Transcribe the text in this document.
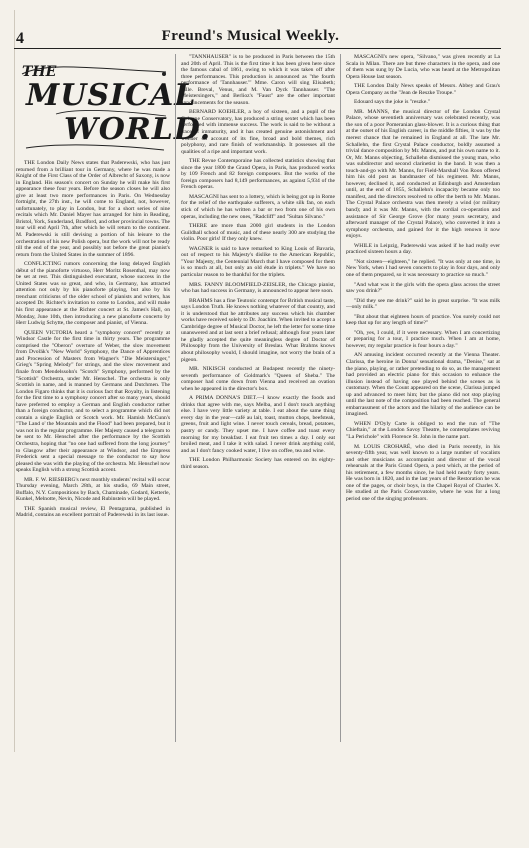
4	Freund's Musical Weekly.
THE
MUSICAL
WORLD.

THE London Daily News states that Paderewski, who has just returned from a brilliant tour in Germany, where he was made a Knight of the First Class of the Order of Albrecht of Saxony, is now in England. His season's concert on Sunday he will make his first appearance these four years. Before the season closes he will also give at least two more performances in Paris. On Wednesday fortnight, the 27th inst., he will come to England, not, however, unfortunately, to play in London, but for a short series of nine recitals which Mr. Daniel Mayer has arranged for him in Reading, Bristol, York, Sunderland, Bradford, and other provincial towns. The tour will end April 7th, after which he will return to the continent. M. Paderewski is still devising a portion of his leisure to the orchestration of his new Polish opera, but the work will not be ready till the end of the year, and possibly not before the great pianist's return from the United States in the summer of 1896.

CONFLICTING rumors concerning the long delayed English début of the pianoforte virtuoso, Herr Moritz Rosenthal, may now be set at rest. This distinguished executant, whose success in the United States was so great, and who, in Germany, has attracted attention not only by his pianoforte playing, but also by his trenchant criticisms of the older school of pianists and writers, has accepted Dr. Richter's invitation to come to London, and will make his first appearance at the Richter concert at St. James's Hall, on Monday, June 10th, then introducing a new pianoforte concerto by Herr Ludwig Schytte, the composer and pianist, of Vienna.

QUEEN VICTORIA heard a "symphony concert" recently at Windsor Castle for the first time in thirty years. The programme comprised the "Oberon" overture of Weber, the slow movement from Dvořák's "New World" Symphony, the Dance of Apprentices and Procession of Masters from Wagner's "Die Meistersinger," Grieg's "Spring Melody" for strings, and the slow movement and finale from Mendelssohn's "Scotch" Symphony, performed by the "Scottish" Orchestra, under Mr. Henschel. The orchestra is only Scottish in name, and is manned by Germans and Dutchmen. The London Figaro thinks that it is curious fact that Royalty, in listening for the first time to a symphony concert after so many years, should have preferred to employ a German and English conductor rather than a foreign conductor, and to select a programme which did not contain a single English or Scotch work. Mr. Hamish McCunn's "The Land o' the Mountain and the Flood" had been prepared, but it was not in the regular programme. Her Majesty caused a telegram to be sent to Mr. Henschel after the performance by the Scottish Orchestra, hoping that "no one had suffered from the long journey" to Glasgow after their appearance at Windsor, and the Empress Frederick sent a special message to the conductor to say how pleased she was with the playing of the orchestra. Mr. Henschel now speaks English with a strong Scottish accent.

MR. F. W. RIESBERG's next monthly students' recital will occur Thursday evening, March 28th, at his studio, 69 Main street, Buffalo, N.Y. Compositions by Bach, Chaminade, Godard, Ketterle, Kunkel, Melnotte, Nevin, Nicode and Rubinstein will be played.

THE Spanish musical review, El Pentagrama, published in Madrid, contains an excellent portrait of Paderewski in its last issue.

"TANNHAUSER" is to be produced in Paris between the 15th and 20th of April. This is the first time it has been given here since the famous cabal of 1861, owing to which it was taken off after three performances. This production is announced as "the fourth performance of 'Tannhauser.'" Mme. Caron will sing Elisabeth; Mlle. Breval, Venus, and M. Van Dyck Tannhauser. "The Meistersingers," and Berlioz's "Faust" are the other important announcements for the season.

BERNARD KOEHLER, a boy of sixteen, and a pupil of the Cologne Conservatory, has produced a string sextet which has been performed with immense success. The work is said to be without a trace of immaturity, and it has created genuine astonishment and wonder on account of its fine, broad and bold themes, rich polyphony, and rare finish of workmanship. It possesses all the qualities of a ripe and important work.

THE Revue Contemporaine has collected statistics showing that since the year 1800 the Grand Opera, in Paris, has produced works by 109 French and 82 foreign composers. But the works of the foreign composers had 8,149 performances, as against 5,934 of the French operas.

MASCAGNI has sent to a lottery, which is being got up in Rome for the relief of the earthquake sufferers, a white silk fan, on each stick of which he has written a bar or two from one of his own operas, including the new ones, "Radcliff" and "Sultan Silvano."

THERE are more than 2000 girl students in the London Guildhall school of music, and of these nearly 300 are studying the violin. Poor girls! If they only knew.

WAGNER is said to have remarked to King Louis of Bavaria, out of respect to his Majesty's dislike to the American Republic, "Your Majesty, the Centennial March that I have composed for them is so much at all, but only an old étude in triplets." We have no particular reason to be thankful for the triplets.

MRS. FANNY BLOOMFIELD-ZEISLER, the Chicago pianist, who has had success in Germany, is announced to appear here soon.

BRAHMS has a fine Teutonic contempt for British musical taste, says London Truth. He knows nothing whatever of that country, and it is understood that he attributes any success which his chamber works have received solely to Dr. Joachim. When invited to accept a Cambridge degree of Musical Doctor, he left the letter for some time unanswered and at last sent a brief refusal; although four years later he gladly accepted the quite meaningless degree of Doctor of Philosophy from the University of Breslau. What Brahms knows about philosophy would, I should imagine, not worry the brain of a pigeon.

MR. NIKISCH conducted at Budapest recently the ninety-seventh performance of Goldmark's "Queen of Sheba." The composer had come down from Vienna and received an ovation when he appeared in the director's box.

A PRIMA DONNA'S DIET.—I know exactly the foods and drinks that agree with me, says Melba, and I don't touch anything else. I have very little variety at table. I eat about the same thing every day in the year—café au lait, toast, mutton chops, beefsteak, greens, fruit and light wine. I never touch cereals, bread, potatoes, pastry or candy. They upset me. I have coffee and toast every morning for my breakfast. I eat fruit ten times a day. I only eat broiled meat, and I take it with salad. I never drink anything cold, and as I don't fancy cooked water, I live on coffee, tea and wine.

THE London Philharmonic Society has entered on its eighty-third season.

MASCAGNI's new opera, "Silvano," was given recently at La Scala in Milan. There are but three characters in the opera, and one of them was sung by De Lucia, who was heard at the Metropolitan Opera House last season.

THE London Daily News speaks of Messrs. Abbey and Grau's Opera Company as the "Jean de Reszke Troupe."

Edouard says the joke is "reszke."

MR. MANNS, the musical director of the London Crystal Palace, whose seventieth anniversary was celebrated recently, was the son of a poor Pomeranian glass-blower. It is a curious thing that at the outset of his English career, in the middle fifties, it was by the merest chance that he remained in England at all. The late Mr. Schallehn, the first Crystal Palace conductor, boldly assumed a trivial dance composition by Mr. Manns, and put his own name to it. Or, Mr. Manns objecting, Schallehn dismissed the young man, who was subdirector and second clarinetist in the band. It was then a touch-and-go with Mr. Manns, for Field-Marshall Von Roon offered him his old post as bandmaster of his regiment. Mr. Manns, however, declined it, and conducted at Edinburgh and Amsterdam until, at the end of 1855, Schallehn's incapacity became only too manifest, and the directors resolved to offer the berth to Mr. Manns. The Crystal Palace orchestra was then merely a wind (or military band); and it was Mr. Manns, with the cordial co-operation and assistance of Sir George Grove (for many years secretary, and afterward manager of the Crystal Palace), who converted it into a symphony orchestra, and gained for it the high renown it now enjoys.

WHILE in Leipzig, Paderewski was asked if he had really ever practiced sixteen hours a day.

"Not sixteen—eighteen," he replied. "It was only at one time, in New York, when I had seven concerts to play in four days, and only one of them prepared, so it was necessary to practice so much."

"And what was it the girls with the opera glass across the street saw you drink?"

"Did they see me drink?" said he in great surprise. "It was milk—only milk."

"But about that eighteen hours of practice. You surely could not keep that up for any length of time?"

"Oh, yes, I could, if it were necessary. When I am concertizing or preparing for a tour, I practice much. When I am at home, however, my regular practice is four hours a day."

AN amusing incident occurred recently at the Vienna Theater. Clarissa, the heroine in Donna' sensational drama, "Denise," sat at the piano, playing, or rather pretending to do so, as the management had provided an electric piano for this occasion to enhance the illusion instead of having one played behind the scenes as is customary. When the Count appeared on the scene, Clarissa jumped up and advanced to meet him; but the piano did not stop playing until the last note of the composition had been reached. The general embarrassment of the actors and the hilarity of the audience can be imagined.

WHEN D'Oyly Carte is obliged to end the run of "The Chieftain," at the London Savoy Theatre, he contemplates reviving "La Perichole" with Florence St. John in the name part.

M. LOUIS CROHARÉ, who died in Paris recently, in his seventy-fifth year, was well known to a large number of vocalists and other musicians as accompanist and director of the vocal rehearsals at the Paris Grand Opera, a post which, at the period of his retirement, a few months since, he had held nearly forty years. He was born in 1820, and in the last years of the Restoration he was one of the pages, or choir boys, in the Chapel Royal of Charles X. He studied at the Paris Conservatoire, where he was for a long period one of the singing professors.
